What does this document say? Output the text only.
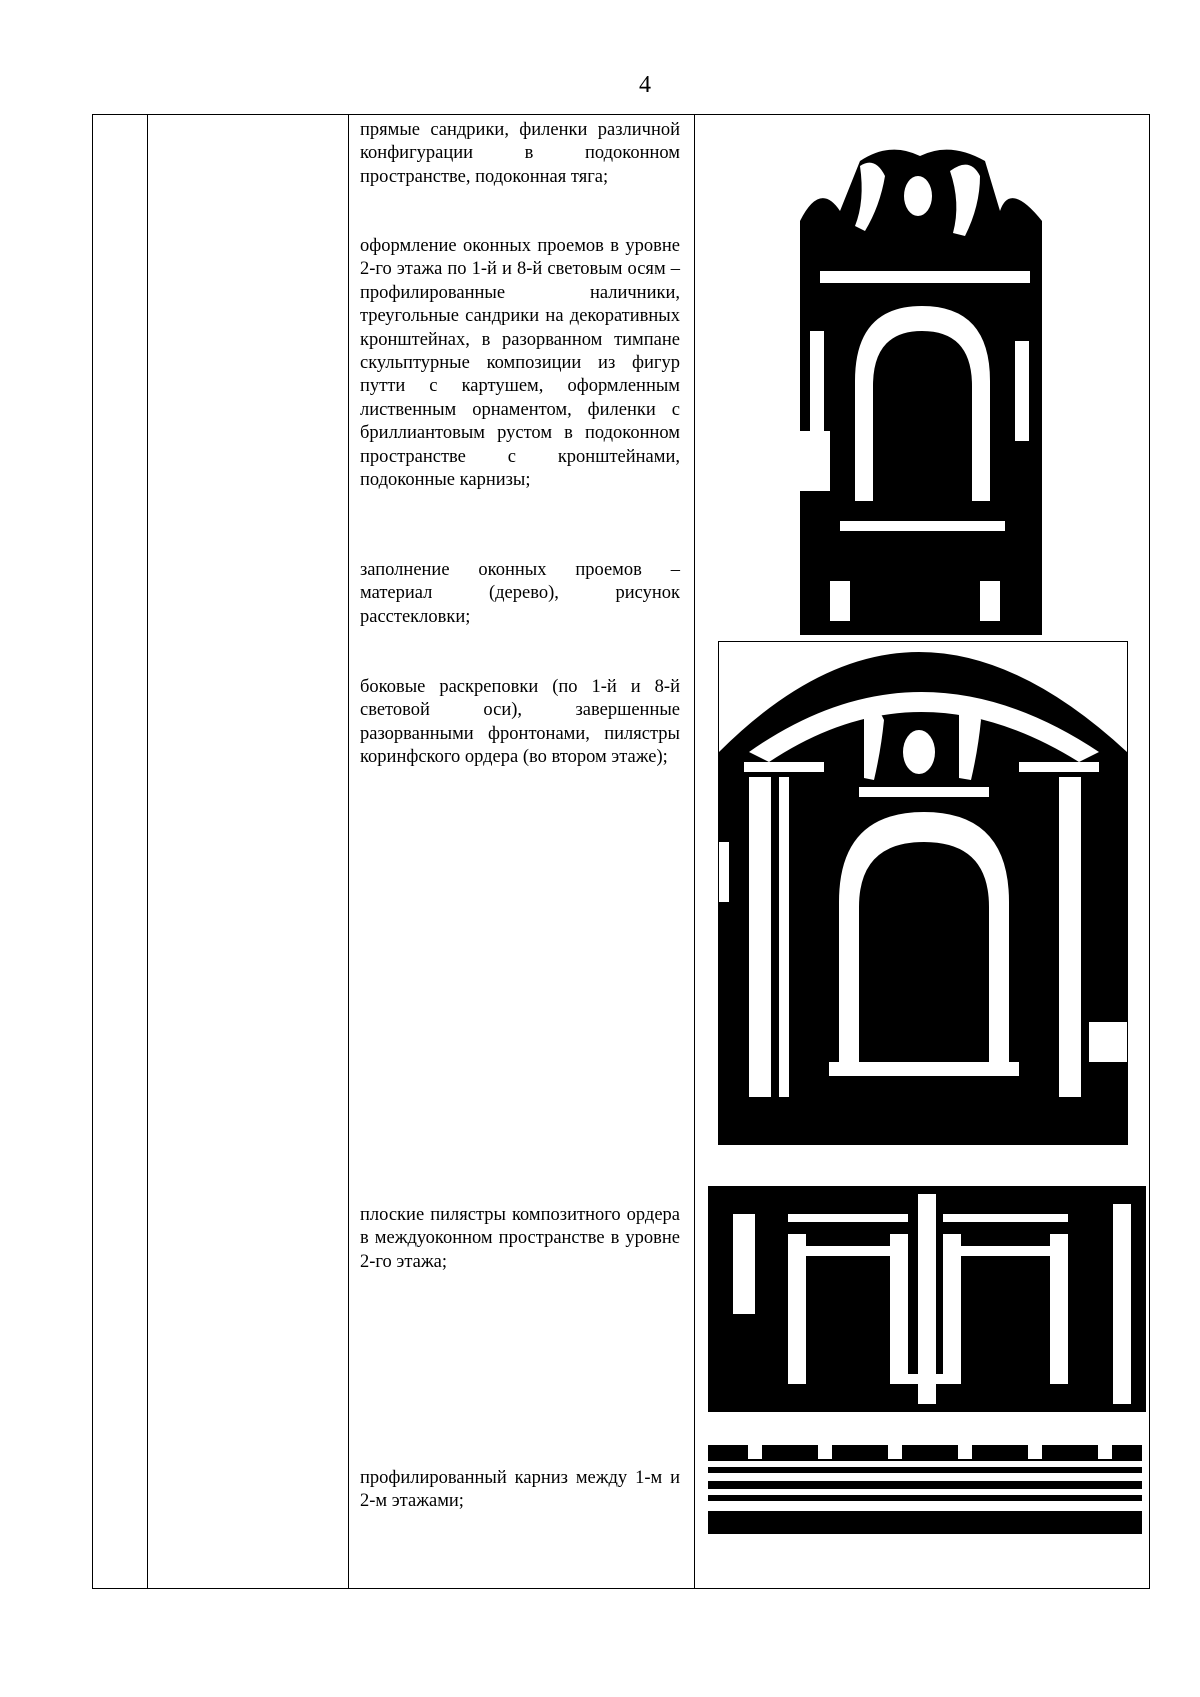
4

прямые сандрики, филенки различной конфигурации в подоконном пространстве, подоконная тяга;
оформление оконных проемов в уровне 2-го этажа по 1-й и 8-й световым осям – профилированные наличники, треугольные сандрики на декоративных кронштейнах, в разорванном тимпане скульптурные композиции из фигур путти с картушем, оформленным лиственным орнаментом, филенки с бриллиантовым рустом в подоконном пространстве с кронштейнами, подоконные карнизы;
заполнение оконных проемов – материал (дерево), рисунок расстекловки;
боковые раскреповки (по 1-й и 8-й световой оси), завершенные разорванными фронтонами, пилястры коринфского ордера (во втором этаже);
плоские пилястры композитного ордера в междуоконном пространстве в уровне 2-го этажа;
профилированный карниз между 1-м и 2-м этажами;
